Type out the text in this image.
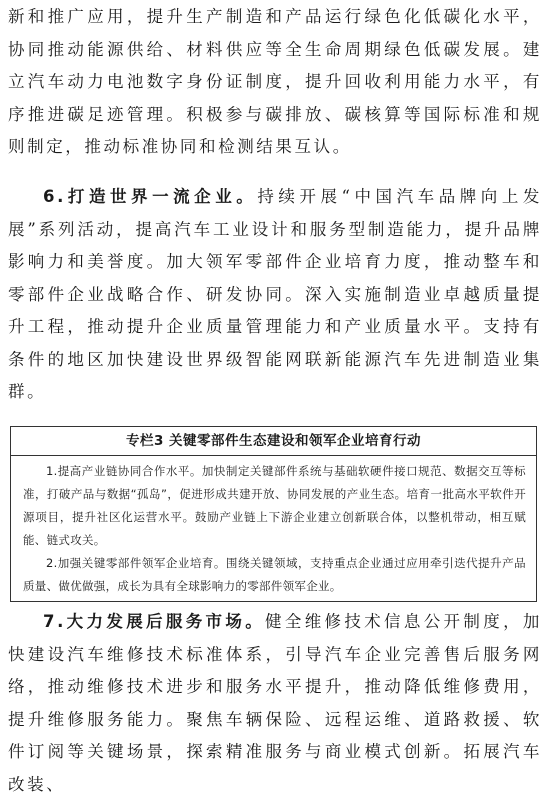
新和推广应用，提升生产制造和产品运行绿色化低碳化水平，协同推动能源供给、材料供应等全生命周期绿色低碳发展。建立汽车动力电池数字身份证制度，提升回收利用能力水平，有序推进碳足迹管理。积极参与碳排放、碳核算等国际标准和规则制定，推动标准协同和检测结果互认。

6.打造世界一流企业。持续开展“中国汽车品牌向上发展”系列活动，提高汽车工业设计和服务型制造能力，提升品牌影响力和美誉度。加大领军零部件企业培育力度，推动整车和零部件企业战略合作、研发协同。深入实施制造业卓越质量提升工程，推动提升企业质量管理能力和产业质量水平。支持有条件的地区加快建设世界级智能网联新能源汽车先进制造业集群。

专栏3 关键零部件生态建设和领军企业培育行动

1.提高产业链协同合作水平。加快制定关键部件系统与基础软硬件接口规范、数据交互等标准，打破产品与数据“孤岛”，促进形成共建开放、协同发展的产业生态。培育一批高水平软件开源项目，提升社区化运营水平。鼓励产业链上下游企业建立创新联合体，以整机带动，相互赋能、链式攻关。

2.加强关键零部件领军企业培育。围绕关键领域，支持重点企业通过应用牵引迭代提升产品质量、做优做强，成长为具有全球影响力的零部件领军企业。

7.大力发展后服务市场。健全维修技术信息公开制度，加快建设汽车维修技术标准体系，引导汽车企业完善售后服务网络，推动维修技术进步和服务水平提升，推动降低维修费用，提升维修服务能力。聚焦车辆保险、远程运维、道路救援、软件订阅等关键场景，探索精准服务与商业模式创新。拓展汽车改装、
